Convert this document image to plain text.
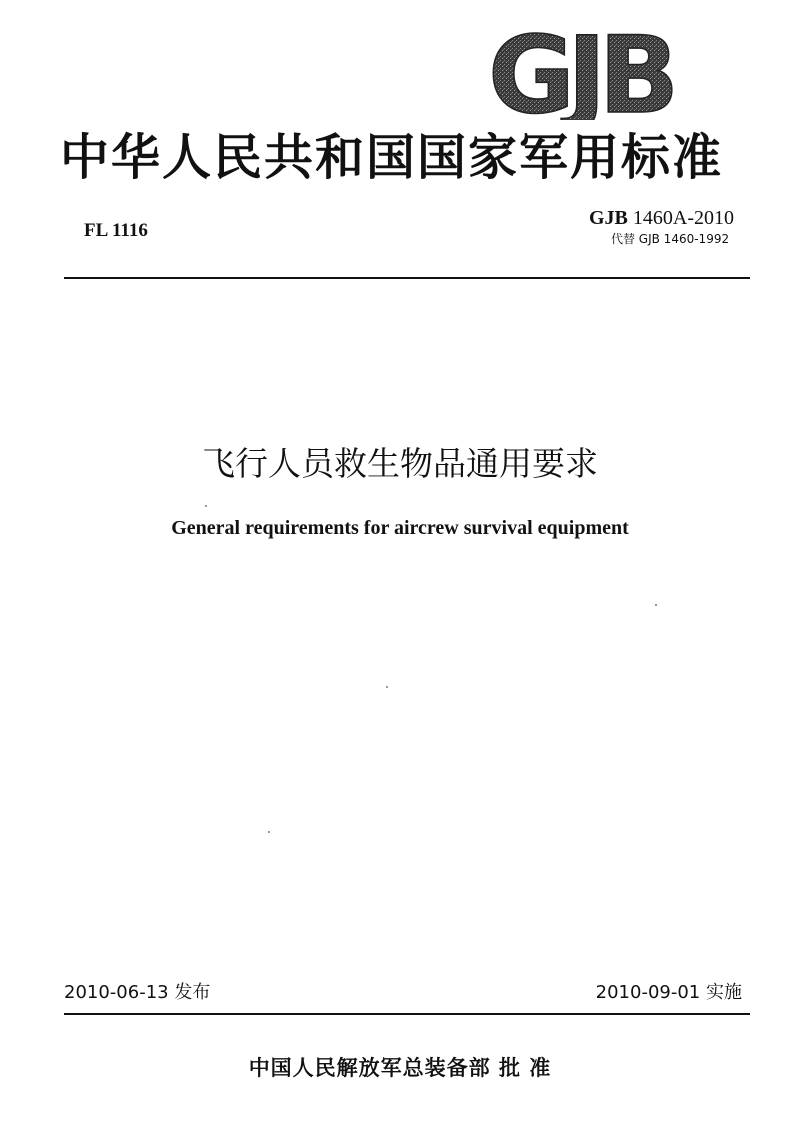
GJB
中华人民共和国国家军用标准
FL 1116
GJB 1460A-2010
代替 GJB 1460-1992
飞行人员救生物品通用要求
General requirements for aircrew survival equipment
2010-06-13 发布	2010-09-01 实施
中国人民解放军总装备部 批 准
